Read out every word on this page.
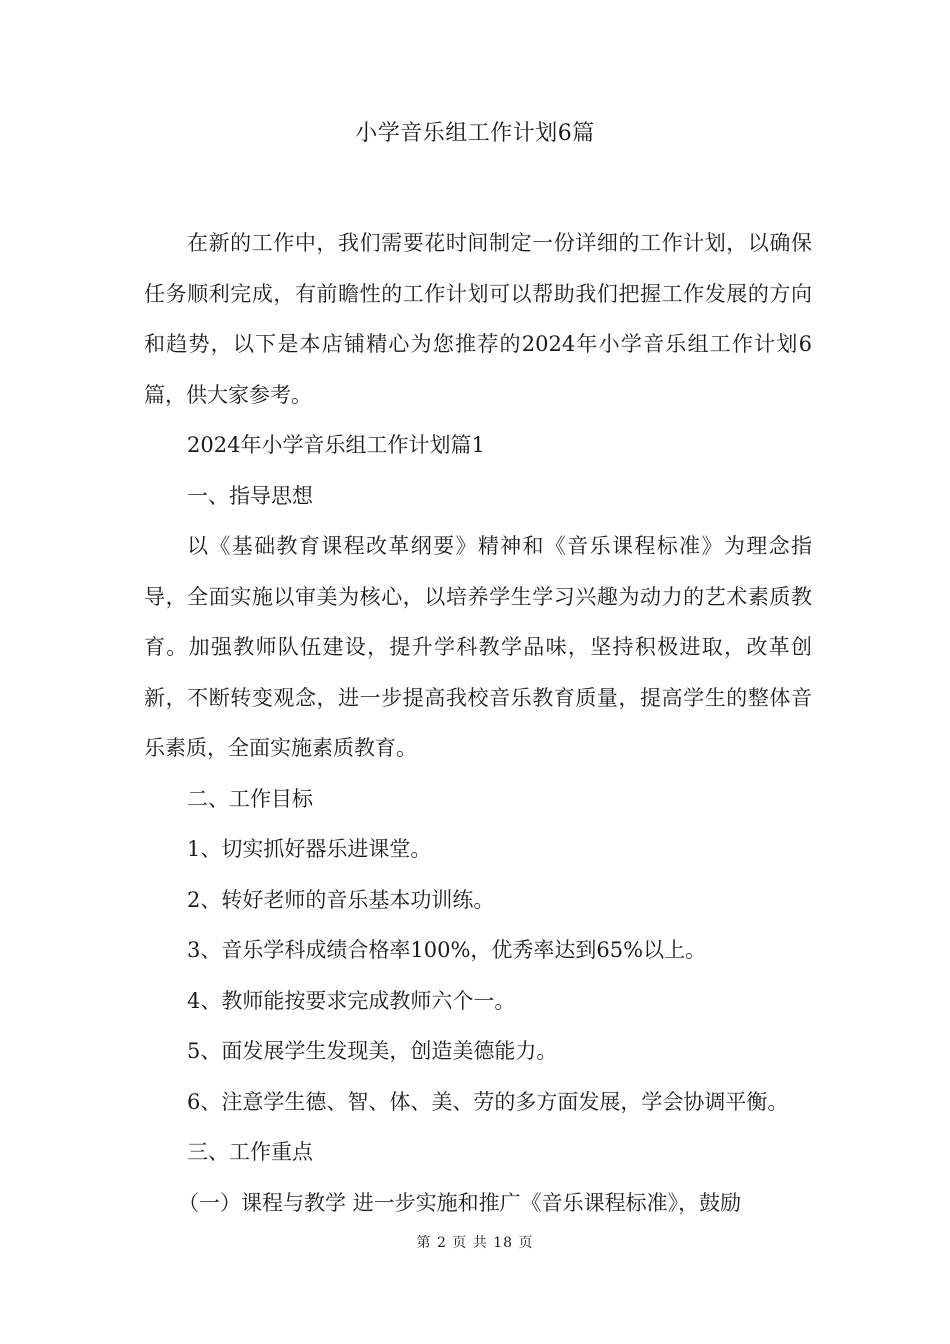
小学音乐组工作计划6篇

在新的工作中，我们需要花时间制定一份详细的工作计划，以确保任务顺利完成，有前瞻性的工作计划可以帮助我们把握工作发展的方向和趋势，以下是本店铺精心为您推荐的2024年小学音乐组工作计划6篇，供大家参考。

2024年小学音乐组工作计划篇1

一、指导思想

以《基础教育课程改革纲要》精神和《音乐课程标准》为理念指导，全面实施以审美为核心，以培养学生学习兴趣为动力的艺术素质教育。加强教师队伍建设，提升学科教学品味，坚持积极进取，改革创新，不断转变观念，进一步提高我校音乐教育质量，提高学生的整体音乐素质，全面实施素质教育。

二、工作目标

1、切实抓好器乐进课堂。

2、转好老师的音乐基本功训练。

3、音乐学科成绩合格率100%，优秀率达到65%以上。

4、教师能按要求完成教师六个一。

5、面发展学生发现美，创造美德能力。

6、注意学生德、智、体、美、劳的多方面发展，学会协调平衡。

三、工作重点

（一）课程与教学 进一步实施和推广《音乐课程标准》，鼓励

第 2 页 共 18 页
